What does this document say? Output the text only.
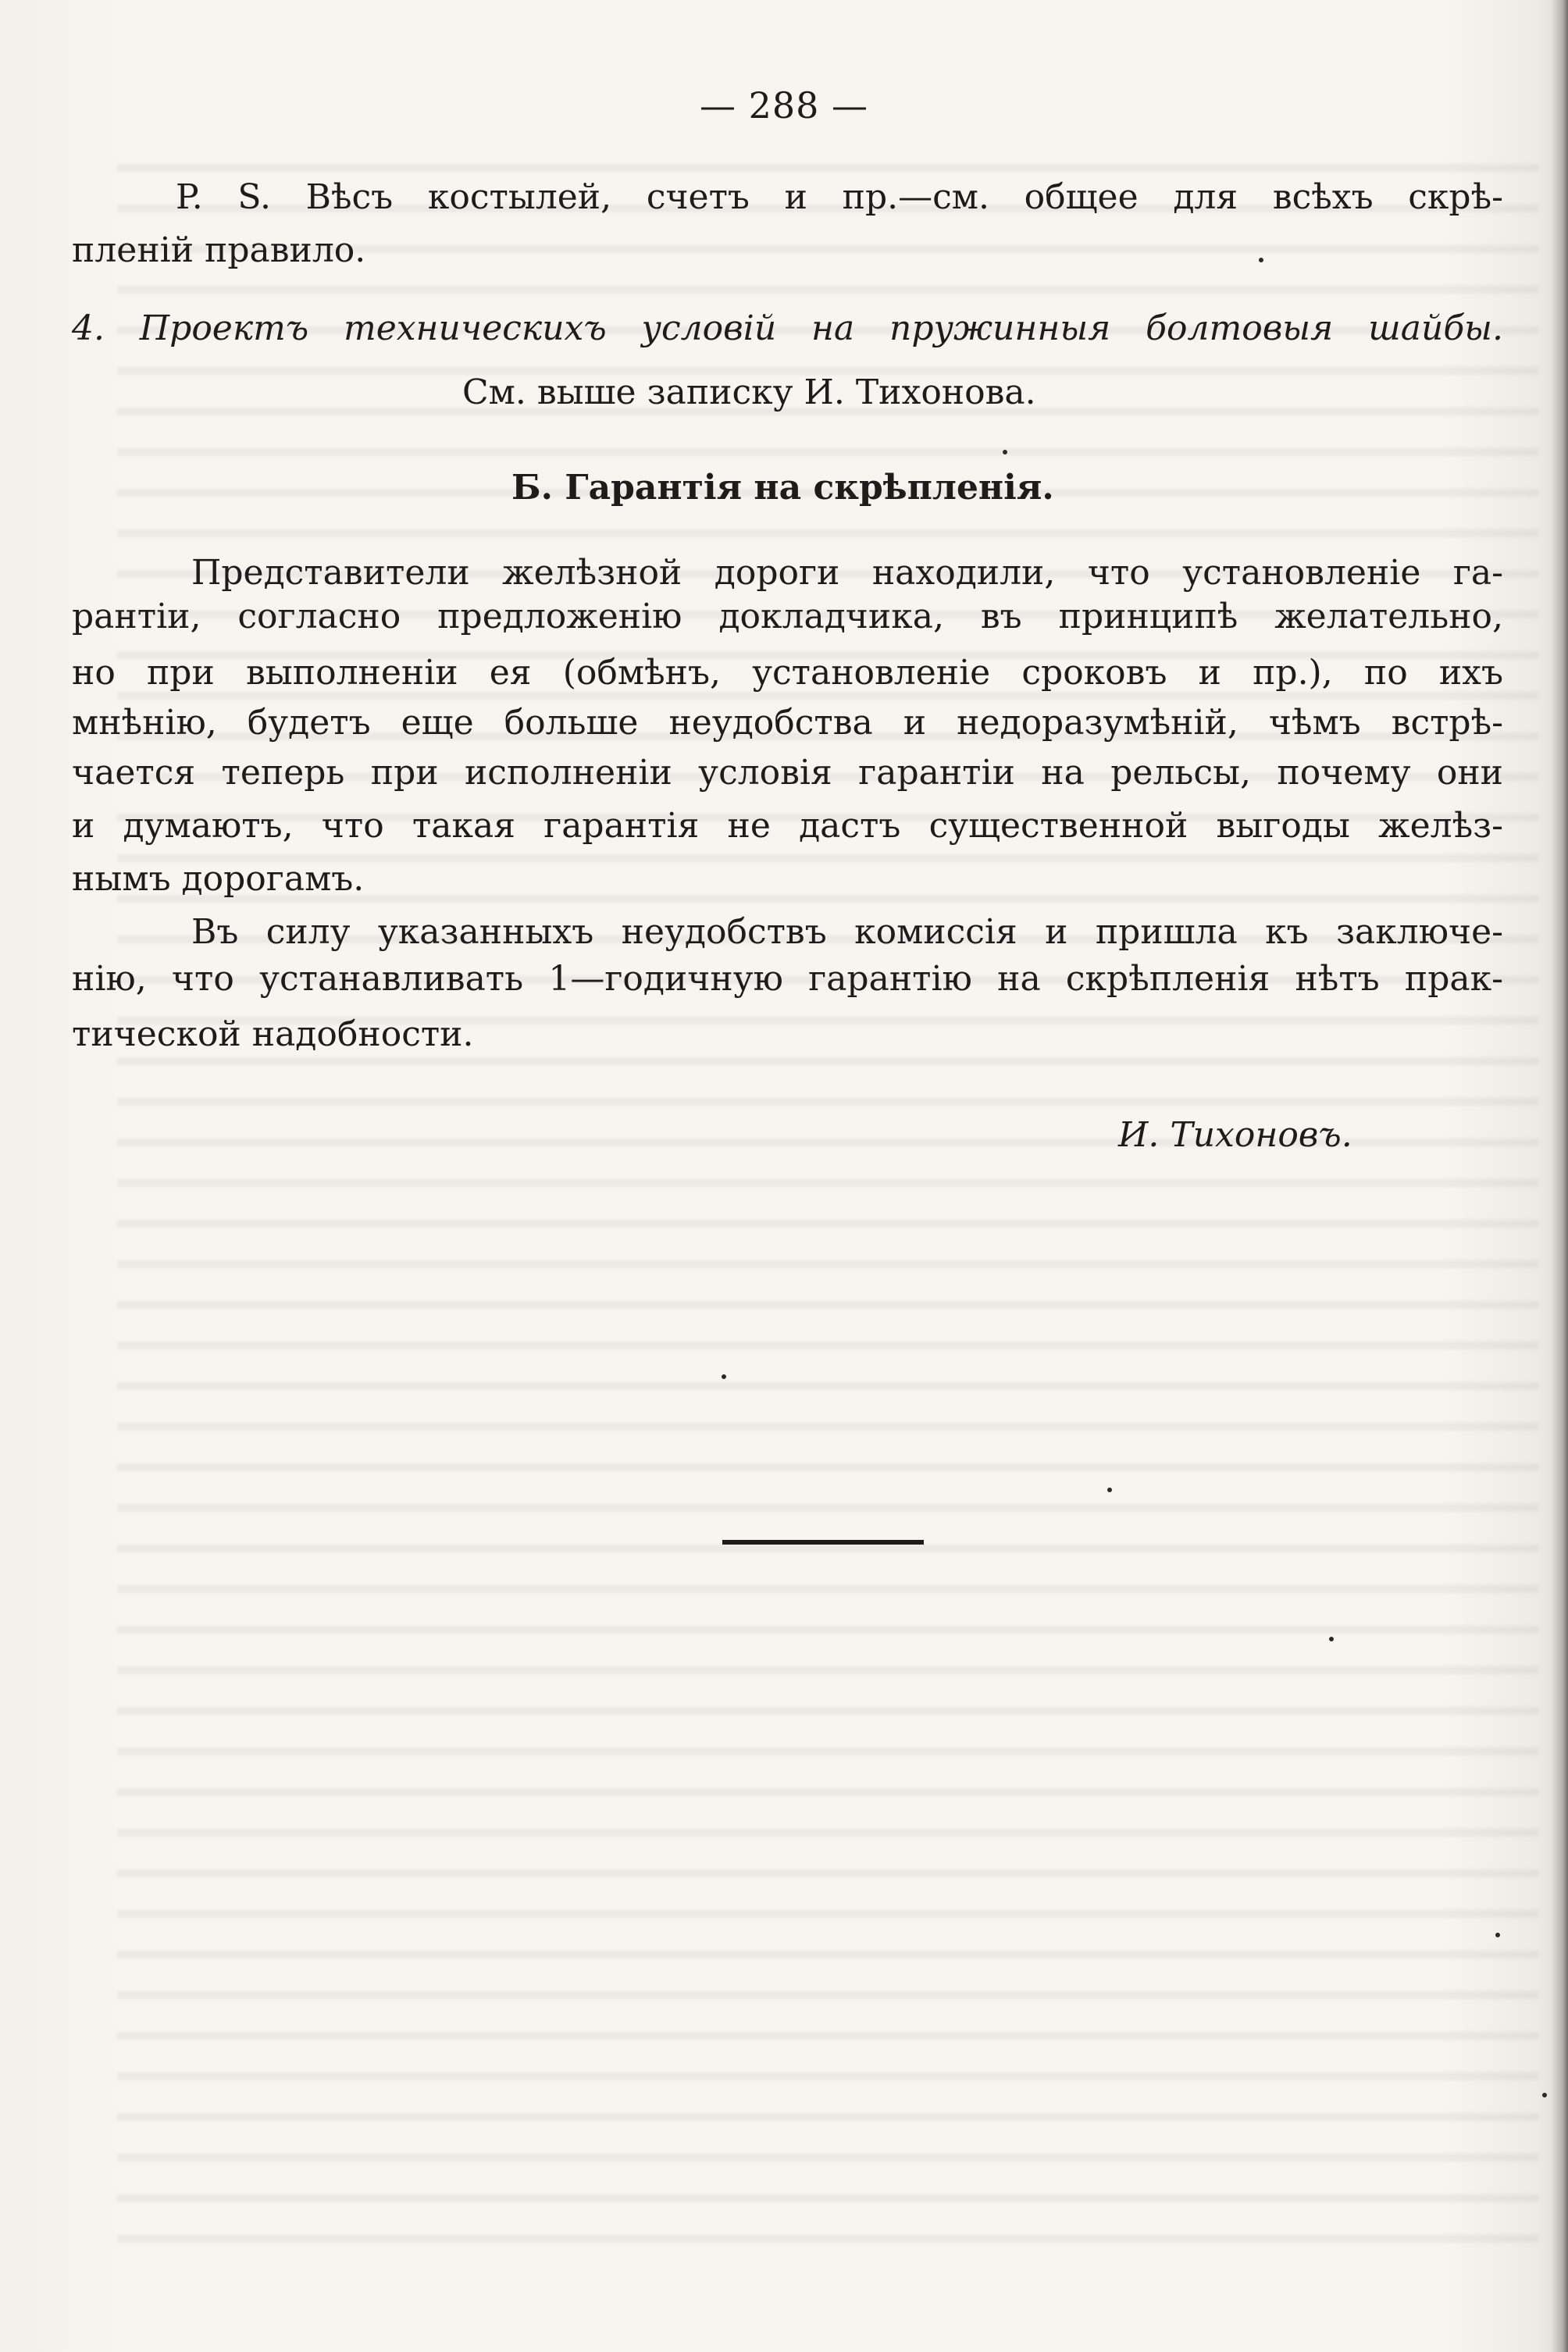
— 288 —
P. S. Вѣсъ костылей, счетъ и пр.—см. общее для всѣхъ скрѣ-
пленій правило.
4. Проектъ техническихъ условій на пружинныя болтовыя шайбы.
См. выше записку И. Тихонова.
Б. Гарантія на скрѣпленія.
Представители желѣзной дороги находили, что установленіе га-
рантіи, согласно предложенію докладчика, въ принципѣ желательно,
но при выполненіи ея (обмѣнъ, установленіе сроковъ и пр.), по ихъ
мнѣнію, будетъ еще больше неудобства и недоразумѣній, чѣмъ встрѣ-
чается теперь при исполненіи условія гарантіи на рельсы, почему они
и думаютъ, что такая гарантія не дастъ существенной выгоды желѣз-
нымъ дорогамъ.
Въ силу указанныхъ неудобствъ комиссія и пришла къ заключе-
нію, что устанавливать 1—годичную гарантію на скрѣпленія нѣтъ прак-
тической надобности.
И. Тихоновъ.
